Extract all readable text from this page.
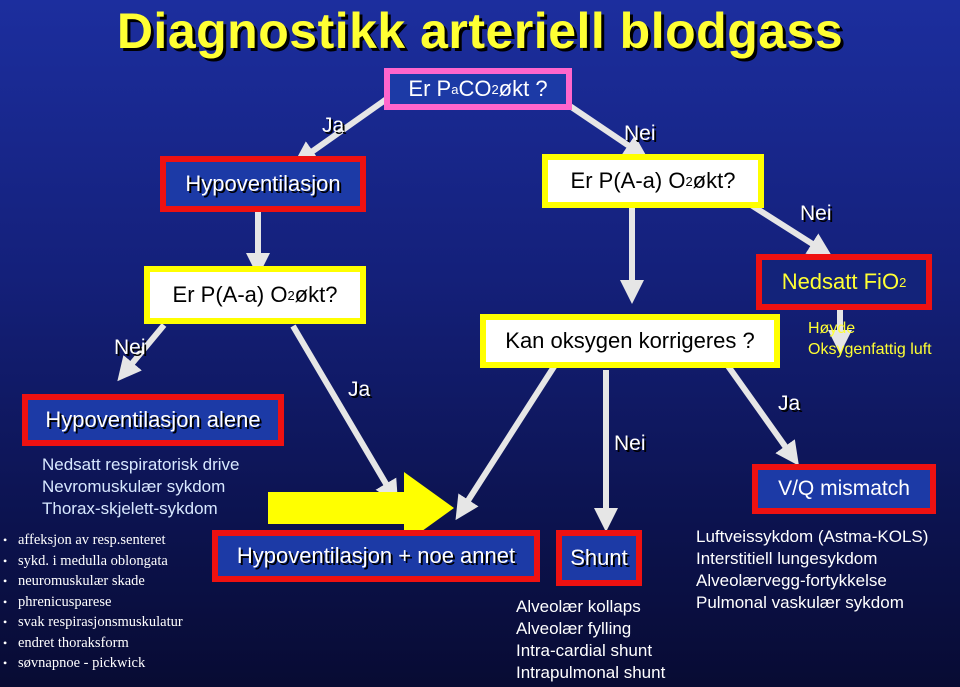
Diagnostikk arteriell blodgass
Er P a CO 2 økt ?
Ja	Nei
Hypoventilasjon	Er P(A-a) O 2 økt?
Nei
Er P(A-a) O 2 økt?
Nedsatt FiO 2
Kan oksygen korrigeres ?	Høyde
Oksygenfattig luft
Nei
Ja
Nei
Ja
Hypoventilasjon alene
Nedsatt respiratorisk drive
Nevromuskulær sykdom
Thorax-skjelett-sykdom
V/Q mismatch
• affeksjon av resp.senteret
• sykd. i medulla oblongata
• neuromuskulær skade
• phrenicusparese
• svak respirasjonsmuskulatur
• endret thoraksform
• søvnapnoe - pickwick
Hypoventilasjon + noe annet	Shunt
Alveolær kollaps
Alveolær fylling
Intra-cardial shunt
Intrapulmonal shunt
Luftveissykdom (Astma-KOLS)
Interstitiell lungesykdom
Alveolærvegg-fortykkelse
Pulmonal vaskulær sykdom
